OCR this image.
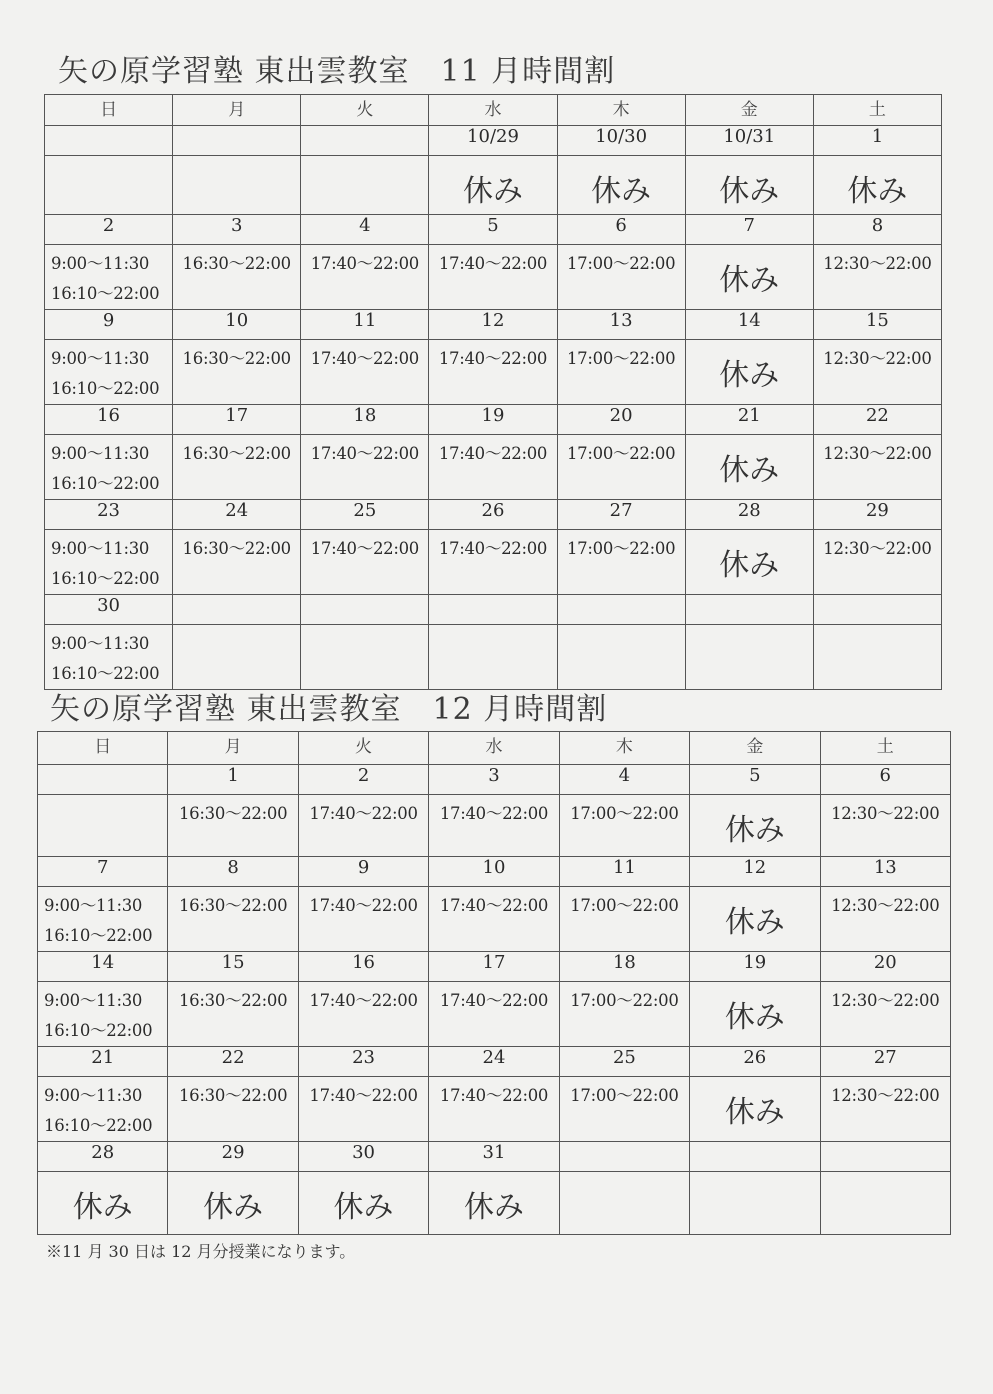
矢の原学習塾 東出雲教室　11 月時間割
日	月	火	水	木	金	土
			10/29	10/30	10/31	1

			休み	休み	休み	休み

2	3	4	5	6	7	8

9:00～11:30
16:10～22:00	16:30～22:00	17:40～22:00	17:40～22:00	17:00～22:00	休み	12:30～22:00

9	10	11	12	13	14	15

9:00～11:30
16:10～22:00	16:30～22:00	17:40～22:00	17:40～22:00	17:00～22:00	休み	12:30～22:00

16	17	18	19	20	21	22

9:00～11:30
16:10～22:00	16:30～22:00	17:40～22:00	17:40～22:00	17:00～22:00	休み	12:30～22:00

23	24	25	26	27	28	29

9:00～11:30
16:10～22:00	16:30～22:00	17:40～22:00	17:40～22:00	17:00～22:00	休み	12:30～22:00

30						

9:00～11:30
16:10～22:00						

矢の原学習塾 東出雲教室　12 月時間割
日	月	火	水	木	金	土
	1	2	3	4	5	6

	16:30～22:00	17:40～22:00	17:40～22:00	17:00～22:00	休み	12:30～22:00

7	8	9	10	11	12	13

9:00～11:30
16:10～22:00	16:30～22:00	17:40～22:00	17:40～22:00	17:00～22:00	休み	12:30～22:00

14	15	16	17	18	19	20

9:00～11:30
16:10～22:00	16:30～22:00	17:40～22:00	17:40～22:00	17:00～22:00	休み	12:30～22:00

21	22	23	24	25	26	27

9:00～11:30
16:10～22:00	16:30～22:00	17:40～22:00	17:40～22:00	17:00～22:00	休み	12:30～22:00

28	29	30	31			

休み	休み	休み	休み			

※11 月 30 日は 12 月分授業になります。
